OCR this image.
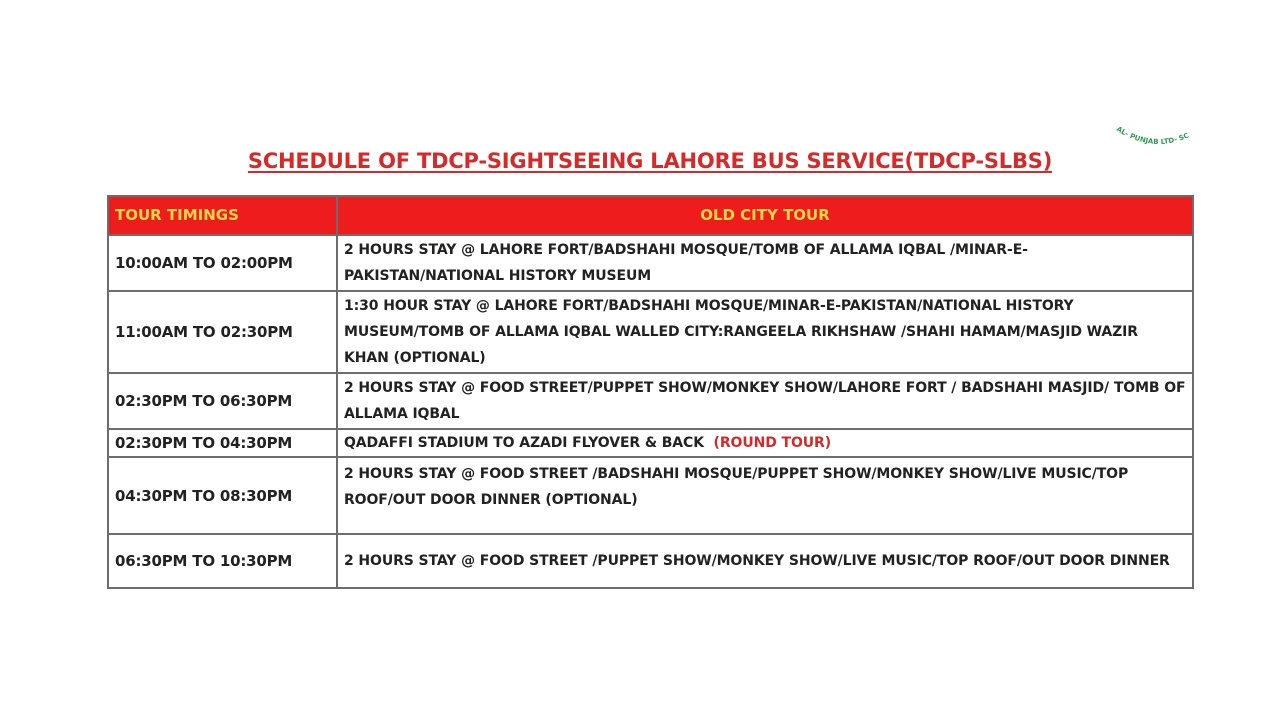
AL- PUNJAB LTD- SC
SCHEDULE OF TDCP-SIGHTSEEING LAHORE BUS SERVICE(TDCP-SLBS)
TOUR TIMINGS	OLD CITY TOUR
10:00AM TO 02:00PM	2 HOURS STAY @ LAHORE FORT/BADSHAHI MOSQUE/TOMB OF ALLAMA IQBAL /MINAR-E-PAKISTAN/NATIONAL HISTORY MUSEUM
11:00AM TO 02:30PM	1:30 HOUR STAY @ LAHORE FORT/BADSHAHI MOSQUE/MINAR-E-PAKISTAN/NATIONAL HISTORY MUSEUM/TOMB OF ALLAMA IQBAL WALLED CITY:RANGEELA RIKHSHAW /SHAHI HAMAM/MASJID WAZIR KHAN (OPTIONAL)
02:30PM TO 06:30PM	2 HOURS STAY @ FOOD STREET/PUPPET SHOW/MONKEY SHOW/LAHORE FORT / BADSHAHI MASJID/ TOMB OF ALLAMA IQBAL
02:30PM TO 04:30PM	QADAFFI STADIUM TO AZADI FLYOVER & BACK (ROUND TOUR)
04:30PM TO 08:30PM	2 HOURS STAY @ FOOD STREET /BADSHAHI MOSQUE/PUPPET SHOW/MONKEY SHOW/LIVE MUSIC/TOP ROOF/OUT DOOR DINNER (OPTIONAL)
06:30PM TO 10:30PM	2 HOURS STAY @ FOOD STREET /PUPPET SHOW/MONKEY SHOW/LIVE MUSIC/TOP ROOF/OUT DOOR DINNER
